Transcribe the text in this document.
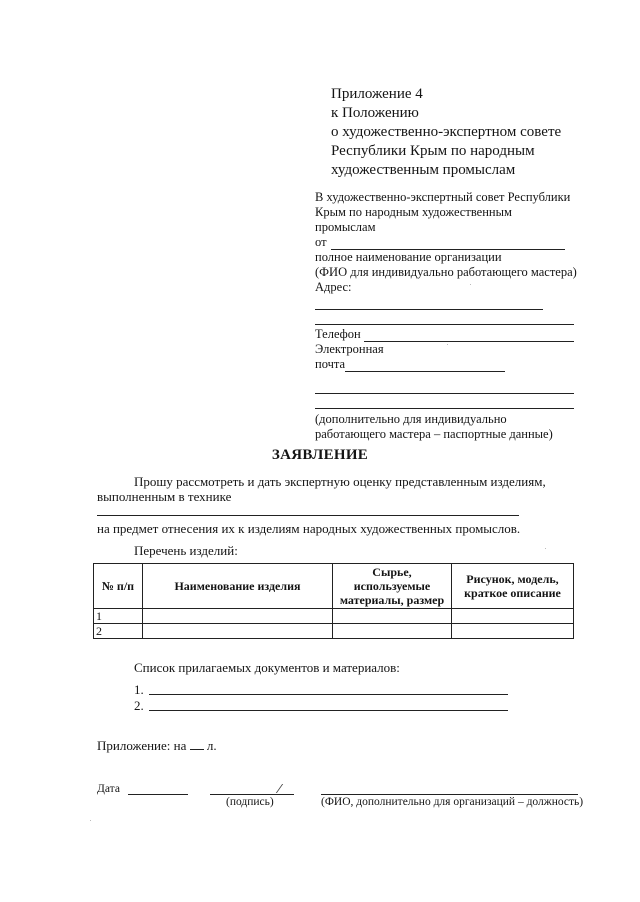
Приложение 4
к Положению
о художественно-экспертном совете
Республики Крым по народным
художественным промыслам
В художественно-экспертный совет Республики
Крым по народным художественным
промыслам
от
полное наименование организации
(ФИО для индивидуально работающего мастера)
Адрес:
Телефон
Электронная
почта
(дополнительно для индивидуально
работающего мастера – паспортные данные)
ЗАЯВЛЕНИЕ
Прошу рассмотреть и дать экспертную оценку представленным изделиям,
выполненным в технике
на предмет отнесения их к изделиям народных художественных промыслов.
Перечень изделий:
№ п/п	Наименование изделия	Сырье, используемые материалы, размер	Рисунок, модель, краткое описание
1			
2			
Список прилагаемых документов и материалов:
1.
2.
Приложение: на л.
Дата
(подпись)	(ФИО, дополнительно для организаций – должность)
